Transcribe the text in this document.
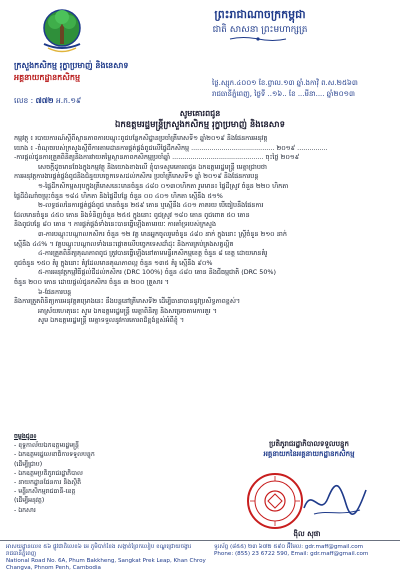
ព្រះរាជាណាចក្រកម្ពុជា
ជាតិ សាសនា ព្រះមហាក្សត្រ
ក្រសួងកសិកម្ម រុក្ខាប្រមាញ់ និងនេសាទ
អគ្គនាយកដ្ឋានកសិកម្ម
ថ្ងៃ.ស្សុក.៤០០១ ខែ.ព្ចាល.១៣ ឆ្នាំ.ងកាវ៉ិ ព.ស.២៥៦៣
រាជធានីភ្នំពេញ, ថ្ងៃទី ..១៦.. ខែ ...មីនា.... ឆ្នាំ២០១៣
លេខ : ៧៧២ អ.ក.១៩
សូមគោរពជូន
ឯកឧត្តមរដ្ឋមន្ត្រីក្រសួងកសិកម្ម រុក្ខាប្រមាញ់ និងនេសាទ

កម្មវត្ថុ ៖ របាយការណ៍ស្ដីពីស្ថានភាពការបណ្ដុះពូជបន្លែកសិដ្ឋានប្រចាំត្រីមាសទី១ ឆ្នាំ២០១៩ និងផែនការអនុវត្ត

យោង ៖ -ចំណុចរបស់ក្រសួងស្ដីពីការតាមដានការផ្គត់ផ្គង់ពូជលើផ្ទៃដីកសិកម្ម ......................................... ២០១៩ ...............

-ការផ្ដល់ជូនការត្រួតពិនិត្យនិងការវាយតម្លៃស្ថានភាពកសិកម្មប្រចាំឆ្នាំ ............................................. ចុះថ្ងៃ ២០១៩

សេចក្តីដូចមានចែងក្នុងកម្មវត្ថុ និងយោងខាងលើ ខ្ញុំបាទសូមគោរពជូន ឯកឧត្តមរដ្ឋមន្ត្រី មេត្តាជ្រាបថា

ការអនុវត្តការងារផ្គត់ផ្គង់ពូជនិងជំនួយបច្ចេកទេសដល់កសិករ ប្រចាំត្រីមាសទី១ ឆ្នាំ ២០១៩ និងផែនការបន្ត

១-ផ្ទៃដីកសិកម្មសរុបក្នុងត្រីមាសនេះមានចំនួន ៤៨០ ០១៣០ហិកតា រួមមាន៖ ផ្ទៃដីស្រូវ ចំនួន ២២០ ហិកតា

ផ្ទៃដីដំណាំចម្រុះចំនួន ១៨៤ ហិកតា និងផ្ទៃដីបន្លែ ចំនួន ០០ ៤០១ ហិកតា ស្មើនឹង ៥១%

២-លទ្ធផលនៃការផ្គត់ផ្គង់ពូជ មានចំនួន ២៥៩ តោន ឬស្មើនឹង ៤០១ ភាគរយ បើធៀបនឹងផែនការ

ដែលមានចំនួន ៤៥០ តោន និងទំនិញចំនួន ២៥៥ ក្នុងនោះ ពូជស្រូវ ១៨០ តោន ពូជពោត ៥០ តោន

និងពូជបន្លែ ៨០ តោន ។ ការផ្គត់ផ្គង់ទាំងនេះបានធ្វើឡើងតាមរយៈ ការគាំទ្ររបស់ក្រសួង

៣-ការបណ្តុះបណ្តាលកសិករ ចំនួន ១២ វគ្គ មានអ្នកចូលរួមចំនួន ៤៨០ នាក់ ក្នុងនោះ ស្ត្រីចំនួន ២១០ នាក់

ស្មើនឹង ៤៤% ។ វគ្គបណ្តុះបណ្តាលទាំងនេះផ្តោតលើបច្ចេកទេសដាំដុះ និងការគ្រប់គ្រងសត្វល្អិត

៤-ការត្រួតពិនិត្យគុណភាពពូជ ត្រូវបានធ្វើឡើងនៅតាមមន្ទីរកសិកម្មខេត្ត ចំនួន ៨ ខេត្ត ដោយមានគំរូ

ពូជចំនួន ១៥០ គំរូ ក្នុងនោះ គំរូដែលមានគុណភាពល្អ ចំនួន ១៣៥ គំរូ ស្មើនឹង ៩០%

៥-ការអនុវត្តកម្មវិធីផ្តល់ជីដល់កសិករ (DRC 100%) ចំនួន ៤៨០ តោន និងជីធម្មជាតិ (DRC 50%)

ចំនួន ២០០ តោន ដោយផ្តល់ជូនកសិករ ចំនួន ៣ ២០០ គ្រួសារ ។

៦-ផែនការបន្ត

និងការត្រួតពិនិត្យការអនុវត្តគម្រោងនេះ នឹងបន្តនៅត្រីមាសទី២ ដើម្បីធានាបាននូវប្រសិទ្ធភាពខ្ពស់។

អាស្រ័យហេតុនេះ សូម ឯកឧត្តមរដ្ឋមន្ត្រី មេត្តាពិនិត្យ និងសម្រេចតាមការគួរ ។

សូម ឯកឧត្តមរដ្ឋមន្ត្រី មេត្តាទទួលនូវការគោរពដ៏ខ្ពង់ខ្ពស់អំពីខ្ញុំ ។

ចម្លងជូន៖
- ខុទ្ទកាល័យឯកឧត្តមរដ្ឋមន្ត្រី
- ឯកឧត្តមរដ្ឋលេខាធិការទទួលបន្ទុក
(ដើម្បីជ្រាប)
- ឯកឧត្តមប្រតិភូរាជរដ្ឋាភិបាល
- នាយកដ្ឋានផែនការ និងស្ថិតិ
- មន្ទីរកសិកម្មរាជធានី-ខេត្ត
(ដើម្បីអនុវត្ត)
- ឯកសារ
ប្រតិភូរាជរដ្ឋាភិបាលទទួលបន្ទុក
អគ្គនាយកនៃអគ្គនាយកដ្ឋានកសិកម្ម
ង៉ិល សុផា
អាសយដ្ឋានលេខ ៥៦ ផ្លូវជាតិលេខ៦ អេ ភូមិបាក់ខែង សង្កាត់ព្រែកលៀប ខណ្ឌជ្រោយចង្វារ រាជធានីភ្នំពេញ
National Road No. 6A, Phum Bakkheng, Sangkat Prek Leap, Khan Chroy Changva, Phnom Penh, Cambodia
ទូរស័ព្ទ (៨៥៥) ២៣ ៦៧២ ៥៩០ អ៊ីមែល: gdr.maff@gmail.com
Phone: (855) 23 6722 590, Email: gdr.maff@gmail.com
